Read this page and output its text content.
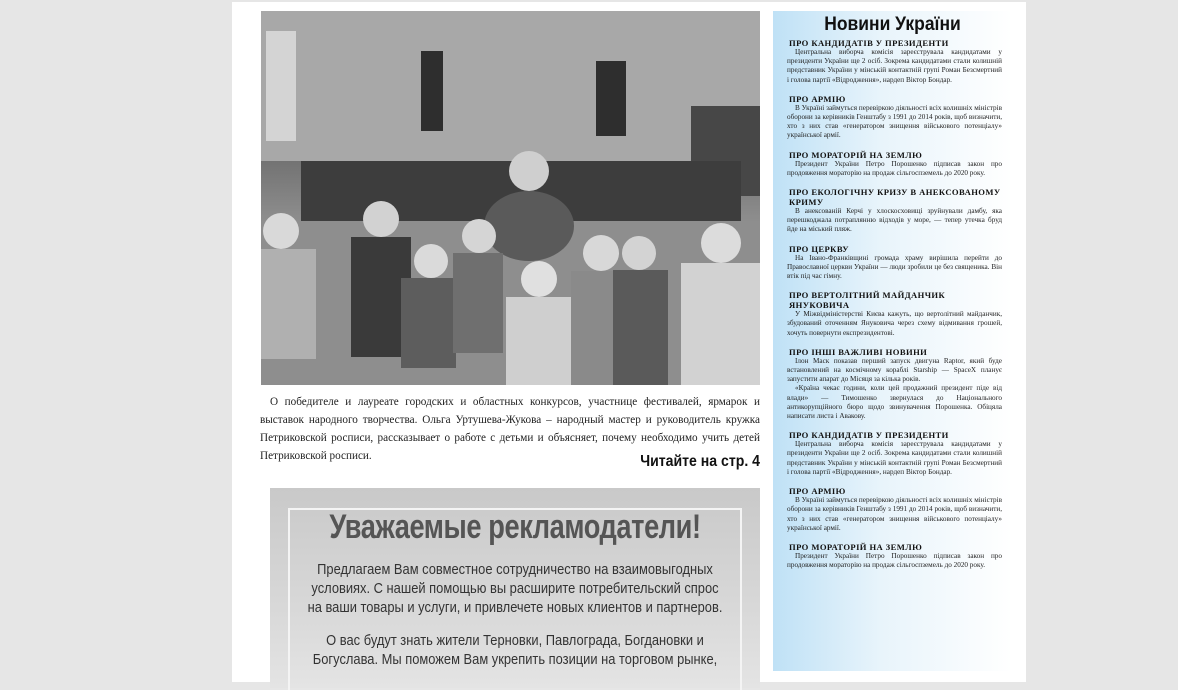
О победителе и лауреате городских и областных конкурсов, участнице фестивалей, ярмарок и выставок народного творчества. Ольга Уртушева-Жукова – народный мастер и руководитель кружка Петриковской росписи, рассказывает о работе с детьми и объясняет, почему необходимо учить детей Петриковской росписи.	Читайте на стр. 4
Уважаемые рекламодатели!

Предлагаем Вам совместное сотрудничество на взаимовыгодных условиях. С нашей помощью вы расширите потребительский спрос на ваши товары и услуги, и привлечете новых клиентов и партнеров.

О вас будут знать жители Терновки, Павлограда, Богдановки и Богуслава. Мы поможем Вам укрепить позиции на торговом рынке,

Новини України
ПРО КАНДИДАТІВ У ПРЕЗИДЕНТИ

Центральна виборча комісія зареєструвала кандидатами у президенти України ще 2 осіб. Зокрема кандидатами стали колишній представник України у мінській контактній групі Роман Безсмертний і голова партії «Відродження», нардеп Віктор Бондар.

ПРО АРМІЮ

В Україні займуться перевіркою діяльності всіх колишніх міністрів оборони за керівників Генштабу з 1991 до 2014 років, щоб визначити, хто з них став «генератором знищення військового потенціалу» української армії.

ПРО МОРАТОРІЙ НА ЗЕМЛЮ

Президент України Петро Порошенко підписав закон про продовження мораторію на продаж сільгоспземель до 2020 року.

ПРО ЕКОЛОГІЧНУ КРИЗУ В АНЕКСОВАНОМУ КРИМУ

В анексованій Керчі у хлоскосховищі зруйнували дамбу, яка перешкоджала потраплянню відходів у море, — тепер утечка бруд йде на міський пляж.

ПРО ЦЕРКВУ

На Івано-Франківщині громада храму вирішила перейти до Православної церкви України — люди зробили це без священика. Він втік під час гімну.

ПРО ВЕРТОЛІТНИЙ МАЙДАНЧИК ЯНУКОВИЧА

У Міжвідміністерстві Києва кажуть, що вертолітний майданчик, збудований оточенням Януковича через схему відмивання грошей, хочуть повернути експрезидентові.

ПРО ІНШІ ВАЖЛИВІ НОВИНИ

Ілон Маск показав перший запуск двигуна Raptor, який буде встановлений на космічному кораблі Starship — SpaceX планує запустити апарат до Місяця за кілька років.

«Країна чекає години, коли цей продажний президент піде від влади» — Тимошенко звернулася до Національного антикорупційного бюро щодо звинувачення Порошенка. Обіцяла написати листа і Авакову.

ПРО КАНДИДАТІВ У ПРЕЗИДЕНТИ

Центральна виборча комісія зареєструвала кандидатами у президенти України ще 2 осіб. Зокрема кандидатами стали колишній представник України у мінській контактній групі Роман Безсмертний і голова партії «Відродження», нардеп Віктор Бондар.

ПРО АРМІЮ

В Україні займуться перевіркою діяльності всіх колишніх міністрів оборони за керівників Генштабу з 1991 до 2014 років, щоб визначити, хто з них став «генератором знищення військового потенціалу» української армії.

ПРО МОРАТОРІЙ НА ЗЕМЛЮ

Президент України Петро Порошенко підписав закон про продовження мораторію на продаж сільгоспземель до 2020 року.
